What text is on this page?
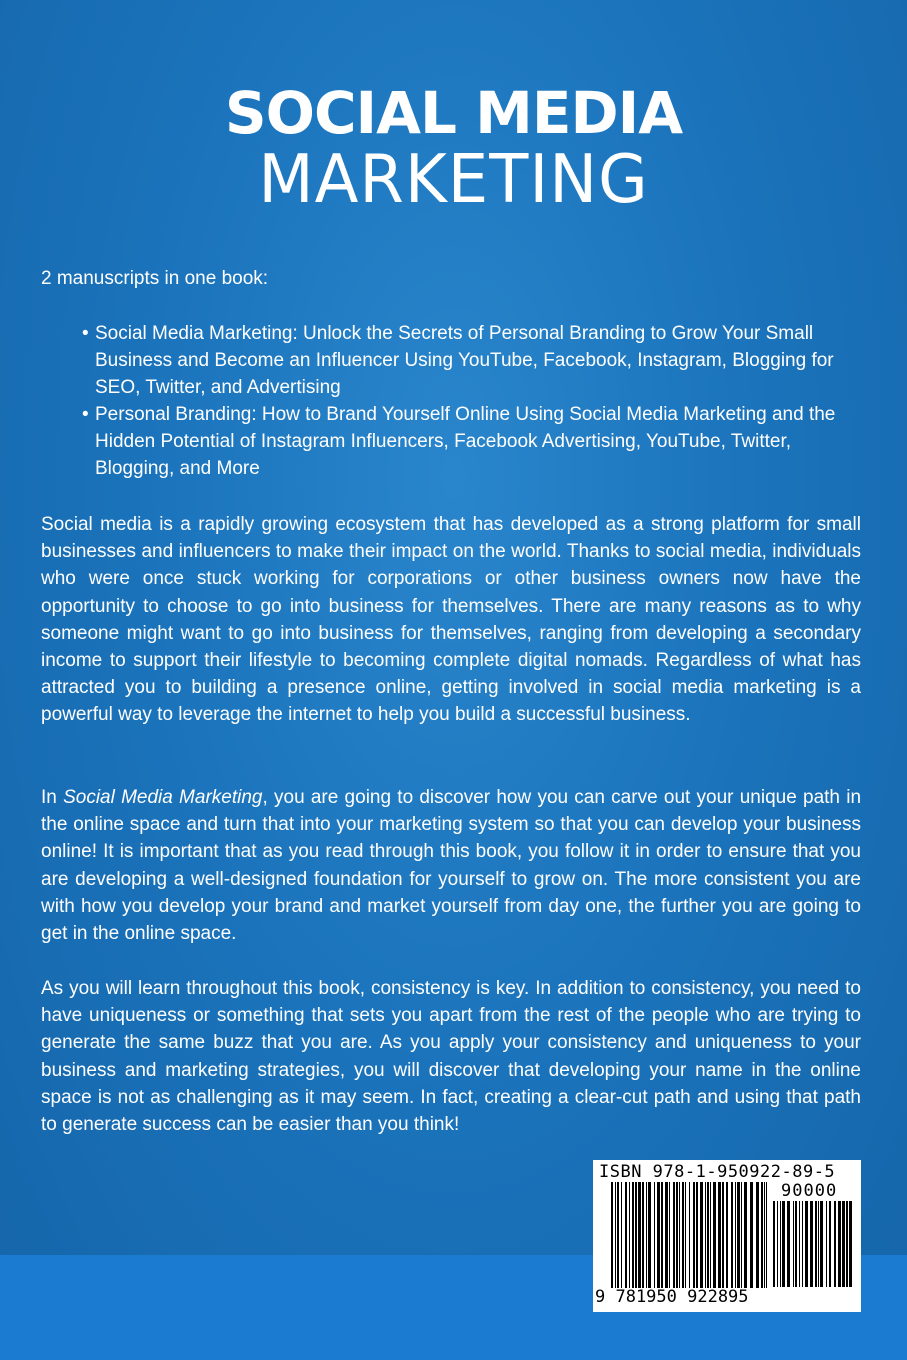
SOCIAL MEDIA
MARKETING

2 manuscripts in one book:

• Social Media Marketing: Unlock the Secrets of Personal Branding to Grow Your Small Business and Become an Influencer Using YouTube, Facebook, Instagram, Blogging for SEO, Twitter, and Advertising
• Personal Branding: How to Brand Yourself Online Using Social Media Marketing and the Hidden Potential of Instagram Influencers, Facebook Advertising, YouTube, Twitter, Blogging, and More

Social media is a rapidly growing ecosystem that has developed as a strong platform for small businesses and influencers to make their impact on the world. Thanks to social media, individuals who were once stuck working for corporations or other business owners now have the opportunity to choose to go into business for themselves. There are many reasons as to why someone might want to go into business for themselves, ranging from developing a secondary income to support their lifestyle to becoming complete digital nomads. Regardless of what has attracted you to building a presence online, getting involved in social media marketing is a powerful way to leverage the internet to help you build a successful business.

In Social Media Marketing, you are going to discover how you can carve out your unique path in the online space and turn that into your marketing system so that you can develop your business online! It is important that as you read through this book, you follow it in order to ensure that you are developing a well-designed foundation for yourself to grow on. The more consistent you are with how you develop your brand and market yourself from day one, the further you are going to get in the online space.

As you will learn throughout this book, consistency is key. In addition to consistency, you need to have uniqueness or something that sets you apart from the rest of the people who are trying to generate the same buzz that you are. As you apply your consistency and uniqueness to your business and marketing strategies, you will discover that developing your name in the online space is not as challenging as it may seem. In fact, creating a clear-cut path and using that path to generate success can be easier than you think!

ISBN 978-1-950922-89-5

90000

9 781950 922895
